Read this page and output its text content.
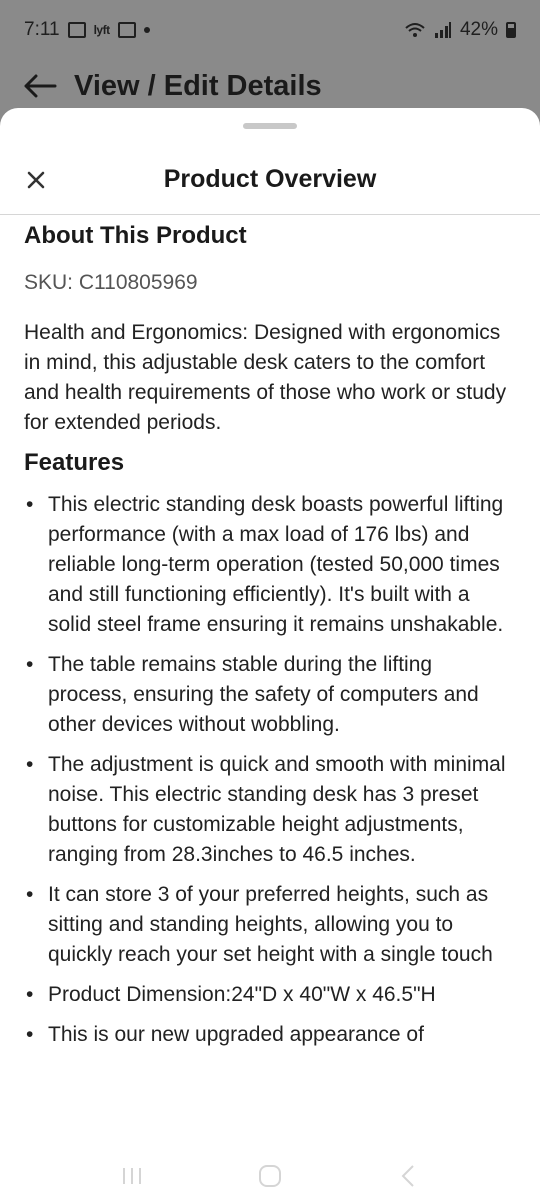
7:11	lyft	42%
View / Edit Details
Product Overview
About This Product
SKU: C110805969
Health and Ergonomics: Designed with ergonomics in mind, this adjustable desk caters to the comfort and health requirements of those who work or study for extended periods.
Features
• This electric standing desk boasts powerful lifting performance (with a max load of 176 lbs) and reliable long-term operation (tested 50,000 times and still functioning efficiently). It's built with a solid steel frame ensuring it remains unshakable.
• The table remains stable during the lifting process, ensuring the safety of computers and other devices without wobbling.
• The adjustment is quick and smooth with minimal noise. This electric standing desk has 3 preset buttons for customizable height adjustments, ranging from 28.3inches to 46.5 inches.
• It can store 3 of your preferred heights, such as sitting and standing heights, allowing you to quickly reach your set height with a single touch
• Product Dimension:24"D x 40"W x 46.5"H
• This is our new upgraded appearance of
